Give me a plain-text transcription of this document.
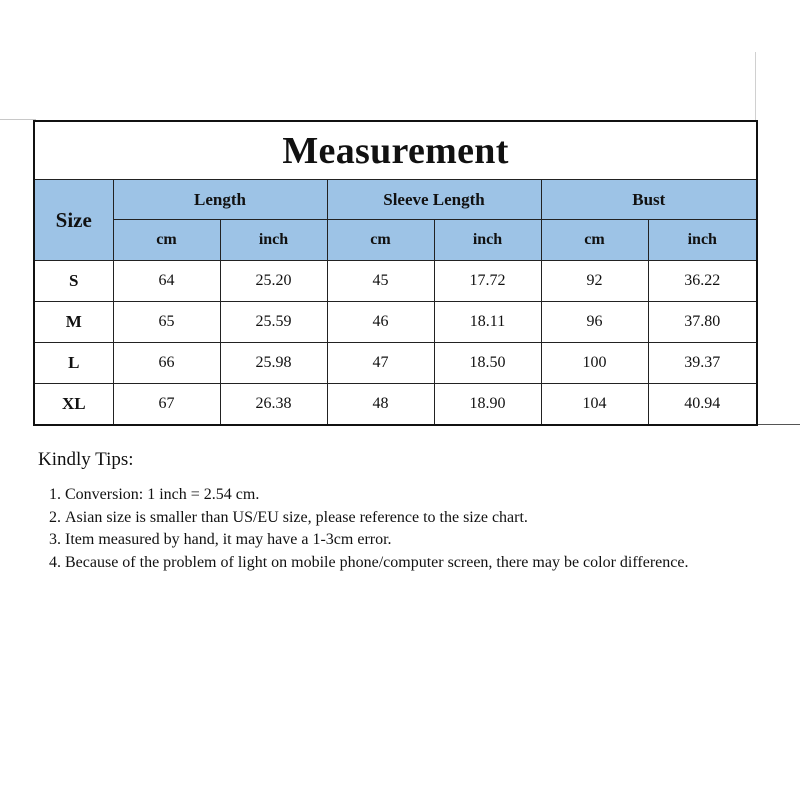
Measurement						
Size	Length		Sleeve Length		Bust	
	cm	inch	cm	inch	cm	inch
S	64	25.20	45	17.72	92	36.22
M	65	25.59	46	18.11	96	37.80
L	66	25.98	47	18.50	100	39.37
XL	67	26.38	48	18.90	104	40.94

Kindly Tips:

1. Conversion: 1 inch = 2.54 cm.
2. Asian size is smaller than US/EU size, please reference to the size chart.
3. Item measured by hand, it may have a 1-3cm error.
4. Because of the problem of light on mobile phone/computer screen, there may be color difference.
